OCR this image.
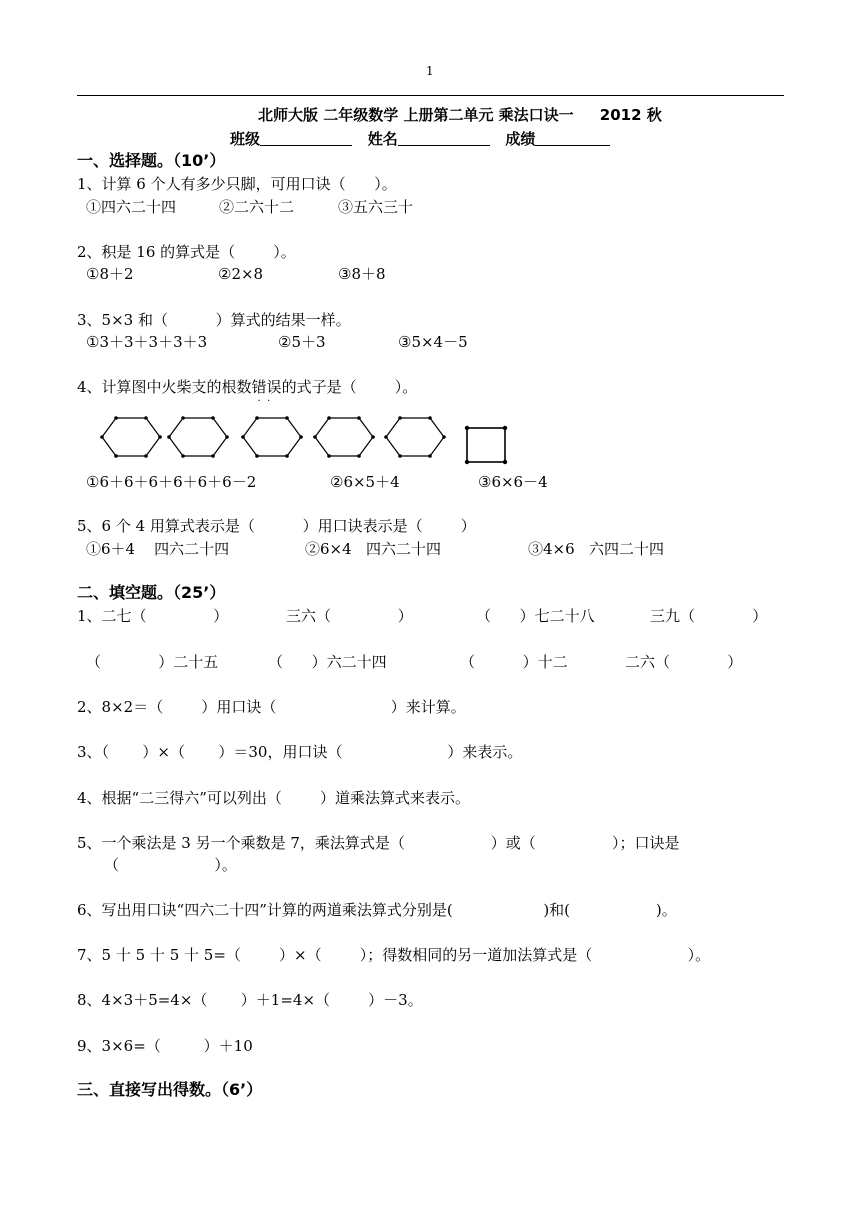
1
北师大版 二年级数学 上册第二单元 乘法口诀一     2012 秋
班级	姓名	成绩
一、选择题。（10’）
1、计算 6 个人有多少只脚，可用口诀（      ）。
①四六二十四	②二六十二	③五六三十
2、积是 16 的算式是（        ）。
①8＋2	②2×8	③8＋8
3、5×3 和（          ）算式的结果一样。
①3＋3＋3＋3＋3	②5＋3	③5×4－5
4、计算图中火柴支的根数错误
·  ·
的式子是（        ）。
①6＋6＋6＋6＋6＋6－2	②6×5＋4	③6×6－4
5、6 个 4 用算式表示是（          ）用口诀表示是（        ）
①6＋4    四六二十四	②6×4   四六二十四	③4×6   六四二十四
二、填空题。（25’）
1、二七（              ）	三六（              ）	（      ）七二十八	三九（            ）
（            ）二十五	（      ）六二十四	（          ）十二	二六（            ）
2、8×2＝（        ）用口诀（                        ）来计算。
3、（       ）×（       ）＝30，用口诀（                      ）来表示。
4、根据“二三得六”可以列出（        ）道乘法算式来表示。
5、一个乘法是 3 另一个乘数是 7，乘法算式是（                  ）或（                ）；口诀是
（                    ）。
6、写出用口诀“四六二十四”计算的两道乘法算式分别是(                   )和(                  )。
7、5 十 5 十 5 十 5=（        ）×（        ）；得数相同的另一道加法算式是（                    ）。
8、4×3＋5=4×（       ）＋1=4×（        ）－3。
9、3×6=（         ）＋10
三、直接写出得数。（6’）
